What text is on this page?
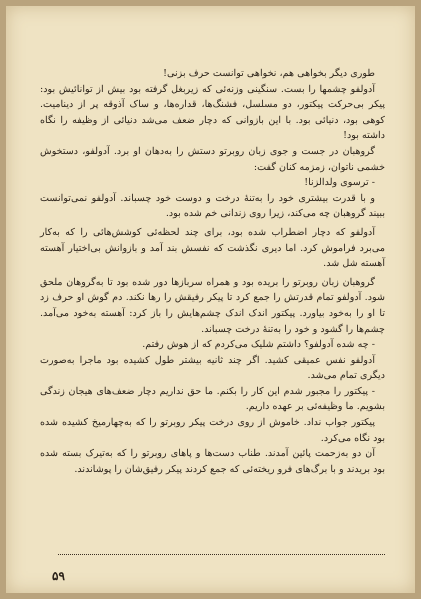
طوری دیگر بخواهی هم، نخواهی توانست حرف بزنی!

آدولفو چشمها را بست. سنگینی وزنه‌ئی که زیربغل گرفته بود بیش از توانائیش بود: پیکر بی‌حرکت پیکتور، دو مسلسل، فشنگ‌ها، قداره‌ها، و ساک آذوقه پر از دینامیت. کوهی بود، دنیائی بود. با این بازوانی که دچار ضعف می‌شد دنیائی از وظیفه را نگاه داشته بود!

گروهبان در جست و جوی زبان روبرتو دستش را به‌دهان او برد. آدولفو، دستخوش خشمی ناتوان، زمزمه کنان گفت:

- ترسوی ولدالزنا!

و با قدرت بیشتری خود را به‌تنهٔ درخت و دوست خود چسباند. آدولفو نمی‌توانست ببیند گروهبان چه می‌کند، زیرا روی زندانی خم شده بود.

آدولفو که دچار اضطراب شده بود، برای چند لحظه‌ئی کوشش‌هائی را که به‌کار می‌برد فراموش کرد. اما دیری نگذشت که نفسش بند آمد و بازوانش بی‌اختیار آهسته آهسته شل شد.

گروهبان زبان روبرتو را بریده بود و همراه سربازها دور شده بود تا به‌گروهان ملحق شود. آدولفو تمام قدرتش را جمع کرد تا پیکر رفیقش را رها نکند. دم گوش او حرف زد تا او را به‌خود بیاورد. پیکتور اندک اندک چشم‌هایش را باز کرد: آهسته به‌خود می‌آمد. چشم‌ها را گشود و خود را به‌تنهٔ درخت چسباند.

- چه شده آدولفو؟ داشتم شلیک می‌کردم که از هوش رفتم.

آدولفو نفس عمیقی کشید. اگر چند ثانیه بیشتر طول کشیده بود ماجرا به‌صورت دیگری تمام می‌شد.

- پیکتور را مجبور شدم این کار را بکنم. ما حق نداریم دچار ضعف‌های هیجان زندگی بشویم. ما وظیفه‌ئی بر عهده داریم.

پیکتور جواب نداد. خاموش از روی درخت پیکر روبرتو را که به‌چهارمیخ کشیده شده بود نگاه می‌کرد.

آن دو به‌زحمت پائین آمدند. طناب دست‌ها و پاهای روبرتو را که به‌تیرک بسته شده بود بریدند و با برگ‌های فرو ریخته‌ئی که جمع کردند پیکر رفیق‌شان را پوشاندند.

۵۹
